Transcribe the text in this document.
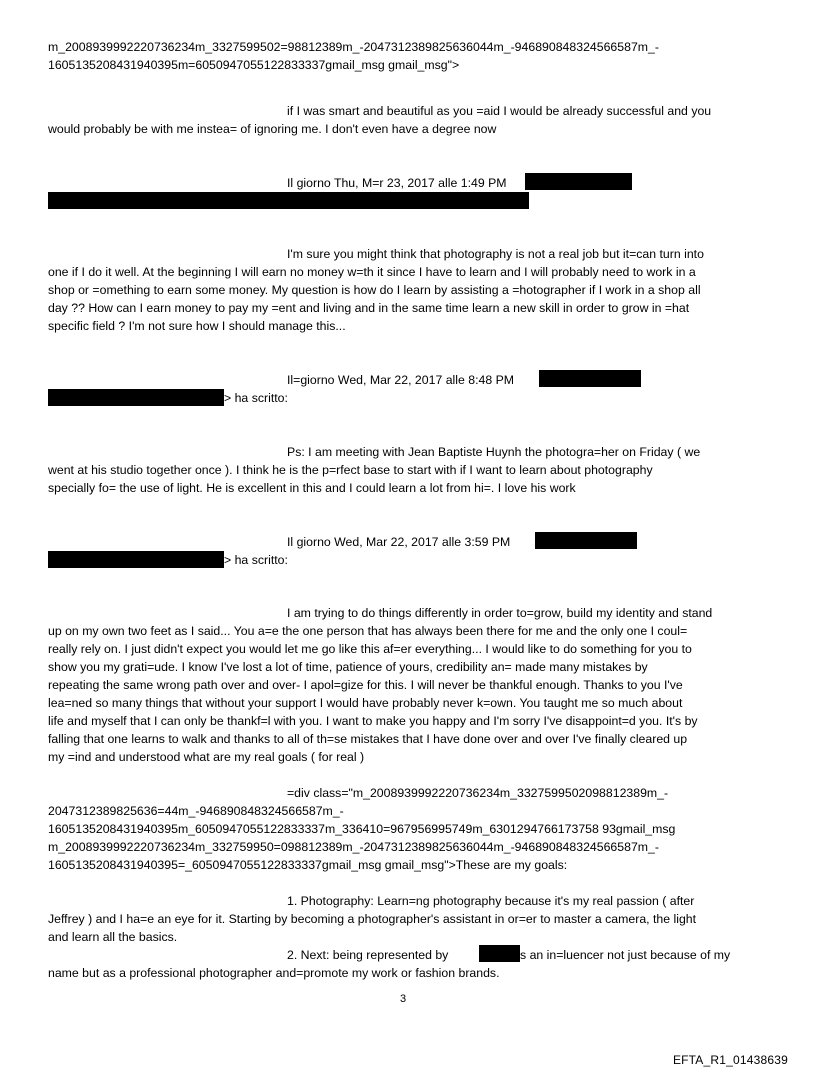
m_2008939992220736234m_3327599502=98812389m_-2047312389825636044m_-946890848324566587m_-
1605135208431940395m=6050947055122833337gmail_msg gmail_msg">
if I was smart and beautiful as you =aid I would be already successful and you
would probably be with me instea= of ignoring me. I don't even have a degree now
Il giorno Thu, M=r 23, 2017 alle 1:49 PM
I'm sure you might think that photography is not a real job but it=can turn into
one if I do it well. At the beginning I will earn no money w=th it since I have to learn and I will probably need to work in a
shop or =omething to earn some money. My question is how do I learn by assisting a =hotographer if I work in a shop all
day ?? How can I earn money to pay my =ent and living and in the same time learn a new skill in order to grow in =hat
specific field ? I'm not sure how I should manage this...
Il=giorno Wed, Mar 22, 2017 alle 8:48 PM
> ha scritto:
Ps: I am meeting with Jean Baptiste Huynh the photogra=her on Friday ( we
went at his studio together once ). I think he is the p=rfect base to start with if I want to learn about photography
specially fo= the use of light. He is excellent in this and I could learn a lot from hi=. I love his work
Il giorno Wed, Mar 22, 2017 alle 3:59 PM
> ha scritto:
I am trying to do things differently in order to=grow, build my identity and stand
up on my own two feet as I said... You a=e the one person that has always been there for me and the only one I coul=
really rely on. I just didn't expect you would let me go like this af=er everything... I would like to do something for you to
show you my grati=ude. I know I've lost a lot of time, patience of yours, credibility an= made many mistakes by
repeating the same wrong path over and over- I apol=gize for this. I will never be thankful enough. Thanks to you I've
lea=ned so many things that without your support I would have probably never k=own. You taught me so much about
life and myself that I can only be thankf=l with you. I want to make you happy and I'm sorry I've disappoint=d you. It's by
falling that one learns to walk and thanks to all of th=se mistakes that I have done over and over I've finally cleared up
my =ind and understood what are my real goals ( for real )
=div class="m_2008939992220736234m_3327599502098812389m_-
2047312389825636=44m_-946890848324566587m_-
1605135208431940395m_6050947055122833337m_336410=967956995749m_6301294766173758 93gmail_msg
m_2008939992220736234m_332759950=098812389m_-2047312389825636044m_-946890848324566587m_-
1605135208431940395=_6050947055122833337gmail_msg gmail_msg">These are my goals:
1. Photography: Learn=ng photography because it's my real passion ( after
Jeffrey ) and I ha=e an eye for it. Starting by becoming a photographer's assistant in or=er to master a camera, the light
and learn all the basics.
2. Next: being represented by	s an in=luencer not just because of my
name but as a professional photographer and=promote my work or fashion brands.
3
EFTA_R1_01438639
